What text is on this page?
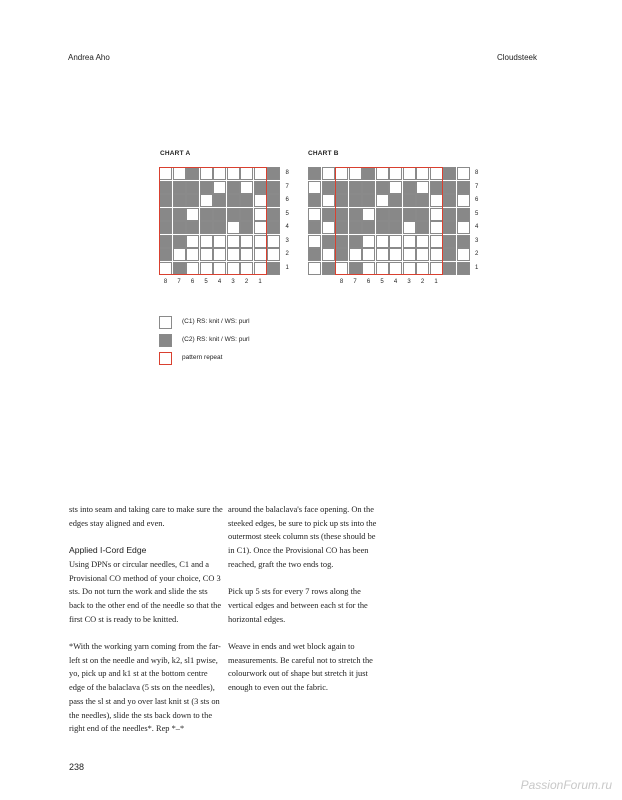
Andrea Aho	Cloudsteek
CHART A	CHART B
8
7
6
5
4
3
2
1
8	7	6	5	4	3	2	1
8
7
6
5
4
3
2
1
8	7	6	5	4	3	2	1
(C1) RS: knit / WS: purl
(C2) RS: knit / WS: purl
pattern repeat

sts into seam and taking care to make sure the edges stay aligned and even.

Applied I-Cord Edge

Using DPNs or circular needles, C1 and a Provisional CO method of your choice, CO 3 sts. Do not turn the work and slide the sts back to the other end of the needle so that the first CO st is ready to be knitted.

*With the working yarn coming from the far-left st on the needle and wyib, k2, sl1 pwise, yo, pick up and k1 st at the bottom centre edge of the balaclava (5 sts on the needles), pass the sl st and yo over last knit st (3 sts on the needles), slide the sts back down to the right end of the needles*. Rep *–*

around the balaclava's face opening. On the steeked edges, be sure to pick up sts into the outermost steek column sts (these should be in C1). Once the Provisional CO has been reached, graft the two ends tog.

Pick up 5 sts for every 7 rows along the vertical edges and between each st for the horizontal edges.

Weave in ends and wet block again to measurements. Be careful not to stretch the colourwork out of shape but stretch it just enough to even out the fabric.

238
PassionForum.ru
